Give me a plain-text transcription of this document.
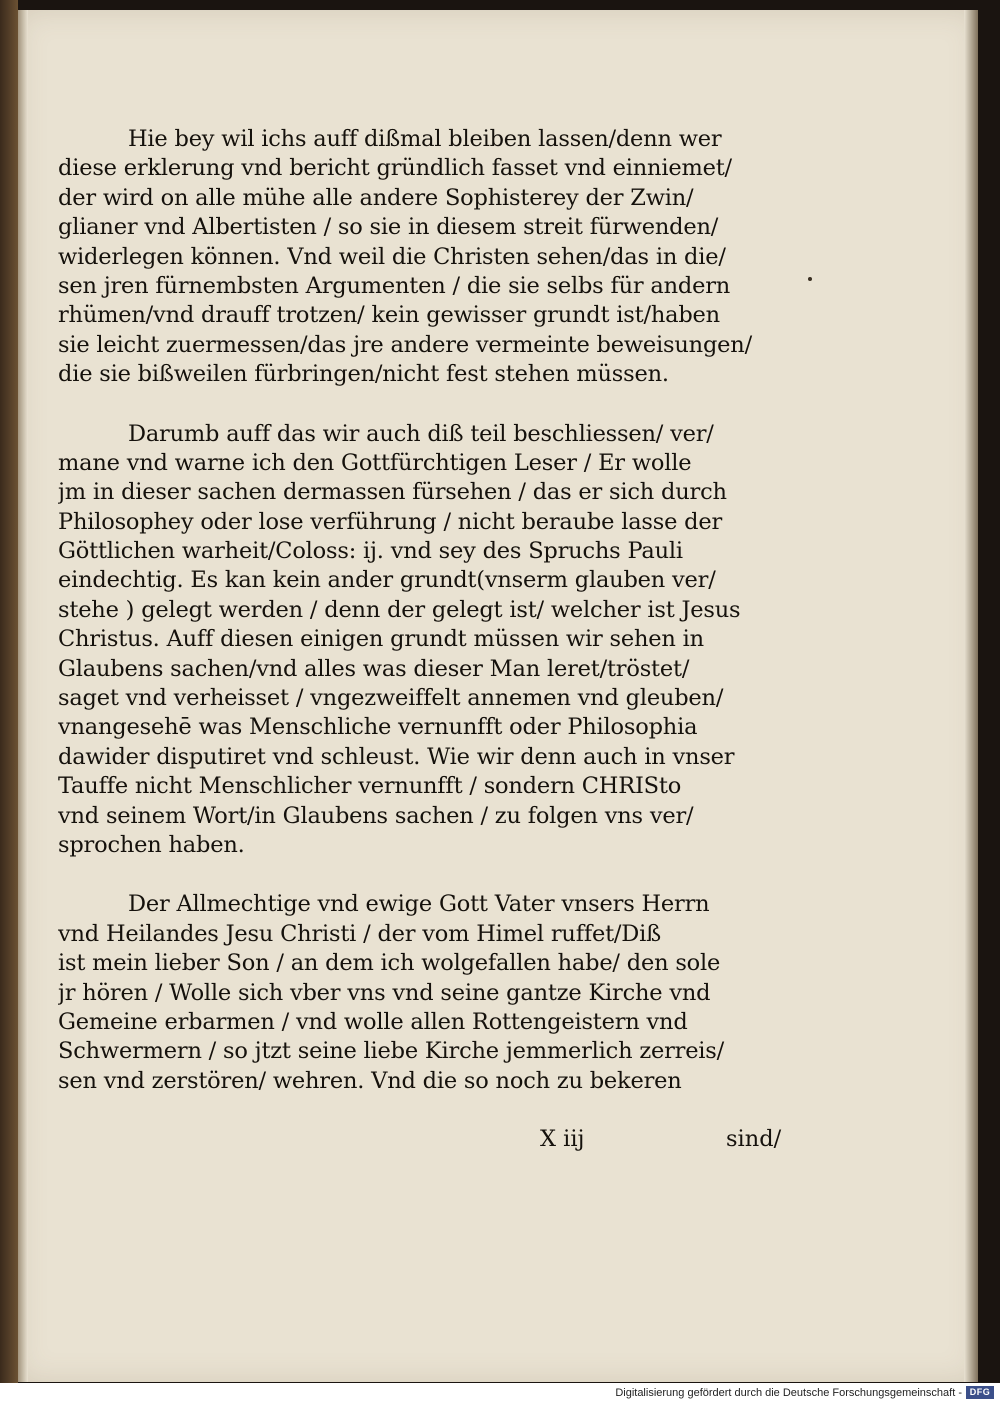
Hie bey wil ichs auff dißmal bleiben lassen/denn wer
diese erklerung vnd bericht gründlich fasset vnd einniemet/
der wird on alle mühe alle andere Sophisterey der Zwin/
glianer vnd Albertisten / so sie in diesem streit fürwenden/
widerlegen können. Vnd weil die Christen sehen/das in die/
sen jren fürnembsten Argumenten / die sie selbs für andern
rhümen/vnd drauff trotzen/ kein gewisser grundt ist/haben
sie leicht zuermessen/das jre andere vermeinte beweisungen/
die sie bißweilen fürbringen/nicht fest stehen müssen.
Darumb auff das wir auch diß teil beschliessen/ ver/
mane vnd warne ich den Gottfürchtigen Leser / Er wolle
jm in dieser sachen dermassen fürsehen / das er sich durch
Philosophey oder lose verführung / nicht beraube lasse der
Göttlichen warheit/Coloss: ij. vnd sey des Spruchs Pauli
eindechtig. Es kan kein ander grundt(vnserm glauben ver/
stehe ) gelegt werden / denn der gelegt ist/ welcher ist Jesus
Christus. Auff diesen einigen grundt müssen wir sehen in
Glaubens sachen/vnd alles was dieser Man leret/tröstet/
saget vnd verheisset / vngezweiffelt annemen vnd gleuben/
vnangesehē was Menschliche vernunfft oder Philosophia
dawider disputiret vnd schleust. Wie wir denn auch in vnser
Tauffe nicht Menschlicher vernunfft / sondern CHRISto
vnd seinem Wort/in Glaubens sachen / zu folgen vns ver/
sprochen haben.
Der Allmechtige vnd ewige Gott Vater vnsers Herrn
vnd Heilandes Jesu Christi / der vom Himel ruffet/Diß
ist mein lieber Son / an dem ich wolgefallen habe/ den sole
jr hören / Wolle sich vber vns vnd seine gantze Kirche vnd
Gemeine erbarmen / vnd wolle allen Rottengeistern vnd
Schwermern / so jtzt seine liebe Kirche jemmerlich zerreis/
sen vnd zerstören/ wehren. Vnd die so noch zu bekeren
X iij	sind/
Digitalisierung gefördert durch die Deutsche Forschungsgemeinschaft - DFG
